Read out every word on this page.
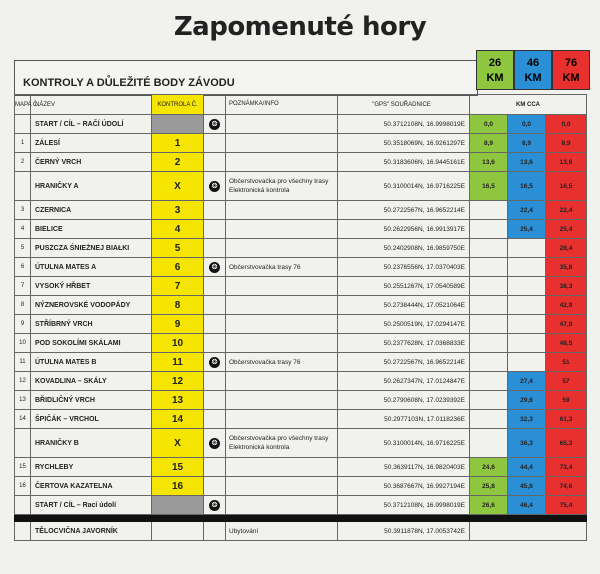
Zapomenuté hory
KONTROLY A DŮLEŽITÉ BODY ZÁVODU
26
KM
46
KM
76
KM
MAPA Č.	NÁZEV	KONTROLA Č.		POZNÁMKA/INFO	"GPS" SOUŘADNICE	KM CCA		
	START / CÍL – RAČÍ ÚDOLÍ		❂		50.3712108N, 16.9998019E	0,0	0,0	0,0
1	ZÁLESÍ	1			50.3518069N, 16.9261297E	8,9	8,9	8,9
2	ČERNÝ VRCH	2			50.3183606N, 16.9445161E	13,6	13,6	13,6
	HRANIČKY A	X	❂	Občerstvovačka pro všechny trasy
Elektronická kontrola	50.3100014N, 16.9716225E	16,5	16,5	16,5
3	CZERNICA	3			50.2722567N, 16.9652214E		22,4	22,4
4	BIELICE	4			50.2622956N, 16.9913917E		25,4	25,4
5	PUSZCZA ŚNIEŻNEJ BIAŁKI	5			50.2402908N, 16.9859750E			28,4
6	ÚTULNA MATES A	6	❂	Občerstvovačka trasy 76	50.2376556N, 17.0370403E			35,8
7	VYSOKÝ HŘBET	7			50.2551267N, 17.0540589E			38,3
8	NÝZNEROVSKÉ VODOPÁDY	8			50.2738444N, 17.0521064E			42,9
9	STŘÍBRNÝ VRCH	9			50.2500519N, 17.0294147E			47,8
10	POD SOKOLÍMI SKÁLAMI	10			50.2377628N, 17.0368833E			48,5
11	ÚTULNA MATES B	11	❂	Občerstvovačka trasy 76	50.2722567N, 16.9652214E			51
12	KOVADLINA – SKÁLY	12			50.2627347N, 17.0124847E		27,4	57
13	BŘIDLIČNÝ VRCH	13			50.2790608N, 17.0239392E		29,6	59
14	ŠPIČÁK – VRCHOL	14			50.2977103N, 17.0118236E		32,3	61,3
	HRANIČKY B	X	❂	Občerstvovačka pro všechny trasy
Elektronická kontrola	50.3100014N, 16.9716225E		36,3	65,3
15	RYCHLEBY	15			50.3639117N, 16.9820403E	24,6	44,4	73,4
16	ČERTOVA KAZATELNA	16			50.3687667N, 16.9927194E	25,8	45,6	74,6
	START / CÍL – Rací údolí		❂		50.3712108N, 16.9998019E	26,6	46,4	75,4

	TĚLOCVIČNA JAVORNÍK			Ubytování	50.3911878N, 17.0053742E			
